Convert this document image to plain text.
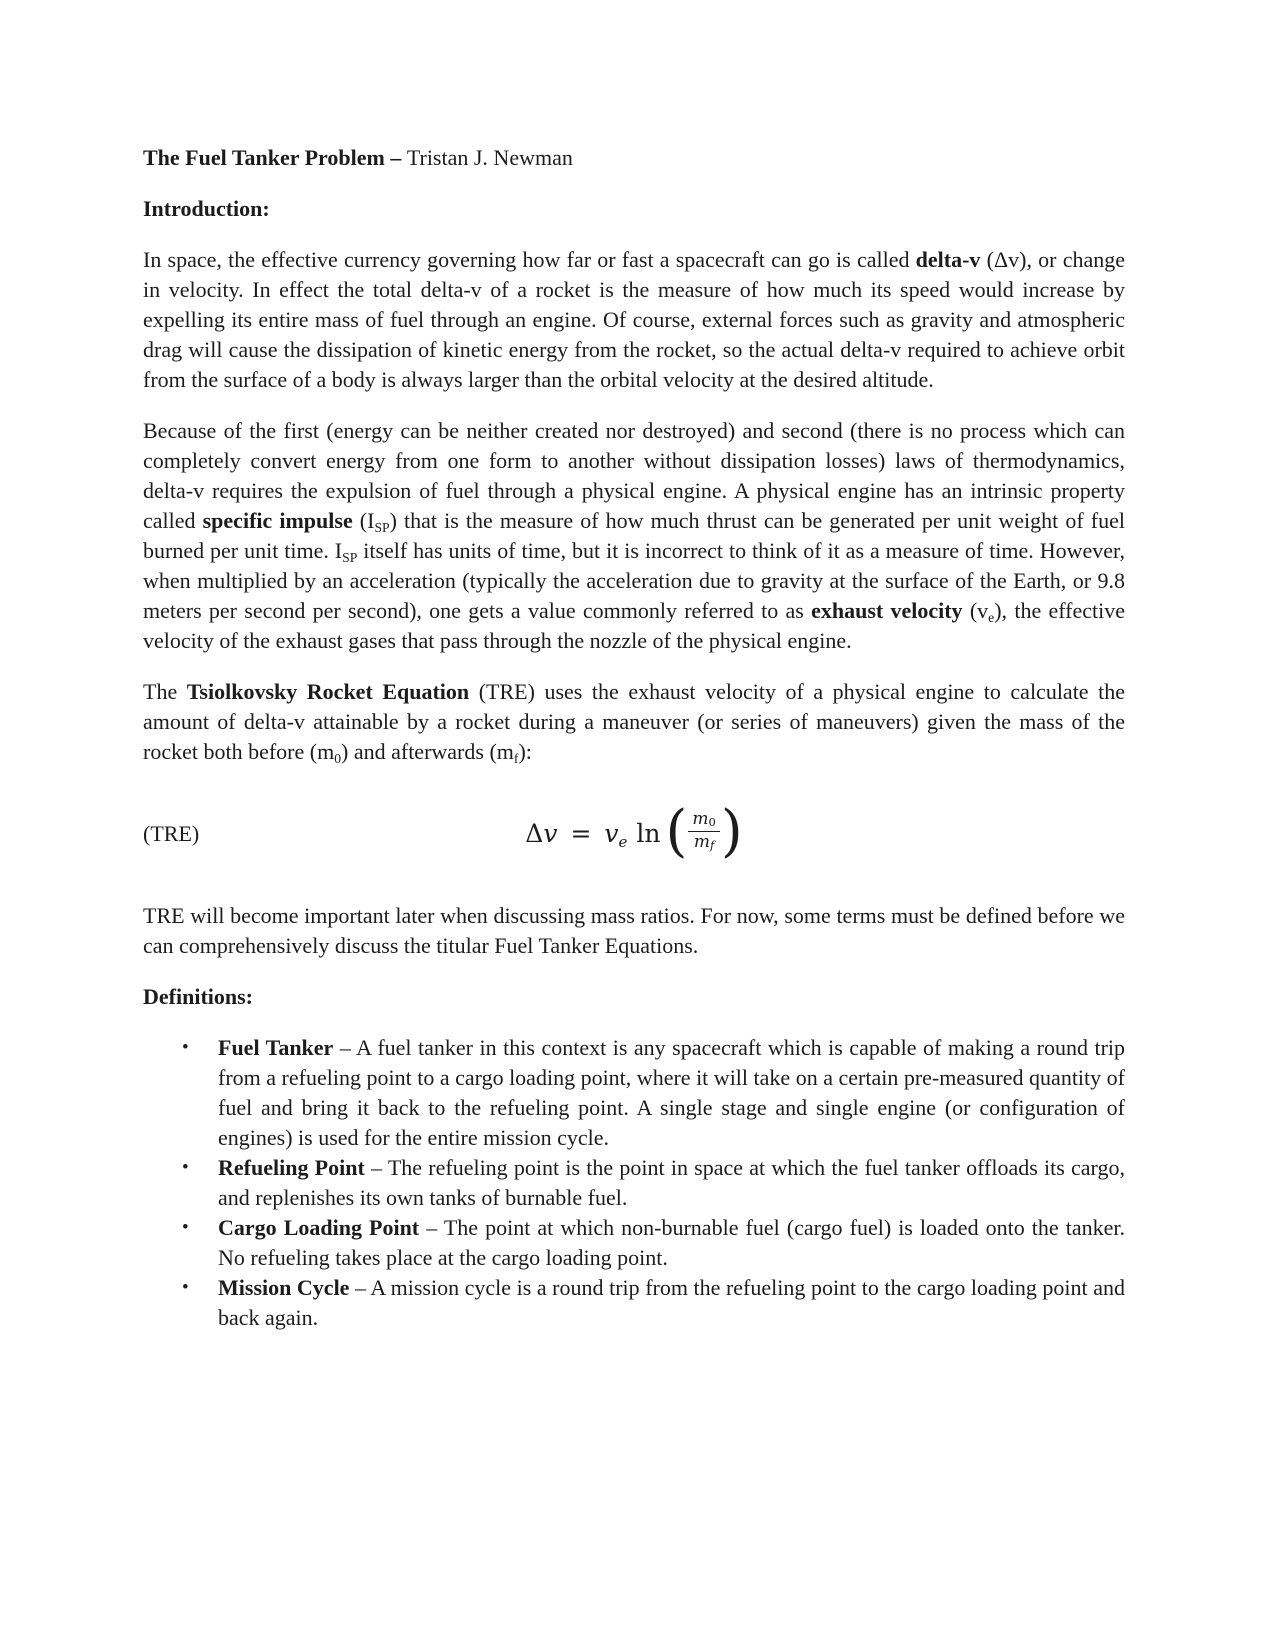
The Fuel Tanker Problem – Tristan J. Newman

Introduction:

In space, the effective currency governing how far or fast a spacecraft can go is called delta-v (Δv), or change in velocity. In effect the total delta-v of a rocket is the measure of how much its speed would increase by expelling its entire mass of fuel through an engine. Of course, external forces such as gravity and atmospheric drag will cause the dissipation of kinetic energy from the rocket, so the actual delta-v required to achieve orbit from the surface of a body is always larger than the orbital velocity at the desired altitude.

Because of the first (energy can be neither created nor destroyed) and second (there is no process which can completely convert energy from one form to another without dissipation losses) laws of thermodynamics, delta-v requires the expulsion of fuel through a physical engine. A physical engine has an intrinsic property called specific impulse $(I_{SP})$ that is the measure of how much thrust can be generated per unit weight of fuel burned per unit time. $I_{SP}$ itself has units of time, but it is incorrect to think of it as a measure of time. However, when multiplied by an acceleration (typically the acceleration due to gravity at the surface of the Earth, or 9.8 meters per second per second), one gets a value commonly referred to as exhaust velocity $(v_e)$, the effective velocity of the exhaust gases that pass through the nozzle of the physical engine.

The Tsiolkovsky Rocket Equation (TRE) uses the exhaust velocity of a physical engine to calculate the amount of delta-v attainable by a rocket during a maneuver (or series of maneuvers) given the mass of the rocket both before $(m_0)$ and afterwards $(m_f)$:

(TRE)	Δ v = v e ln ( $\frac{m_0}{m_f}$ )

TRE will become important later when discussing mass ratios. For now, some terms must be defined before we can comprehensively discuss the titular Fuel Tanker Equations.

Definitions:

• Fuel Tanker – A fuel tanker in this context is any spacecraft which is capable of making a round trip from a refueling point to a cargo loading point, where it will take on a certain pre-measured quantity of fuel and bring it back to the refueling point. A single stage and single engine (or configuration of engines) is used for the entire mission cycle.
• Refueling Point – The refueling point is the point in space at which the fuel tanker offloads its cargo, and replenishes its own tanks of burnable fuel.
• Cargo Loading Point – The point at which non-burnable fuel (cargo fuel) is loaded onto the tanker. No refueling takes place at the cargo loading point.
• Mission Cycle – A mission cycle is a round trip from the refueling point to the cargo loading point and back again.
